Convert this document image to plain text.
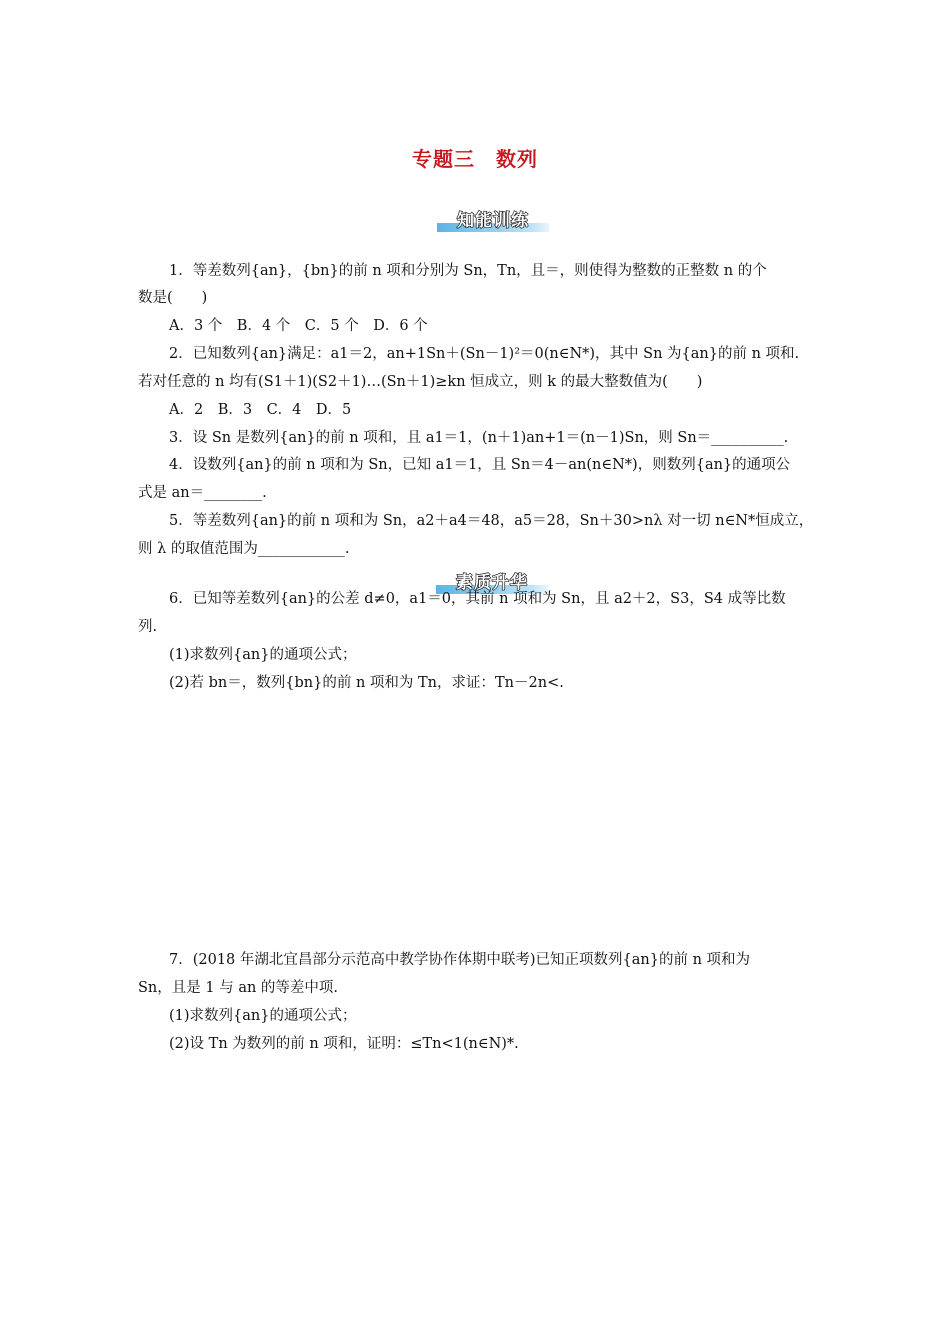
专题三　数列
知能训练
素质升华
1．等差数列{an}，{bn}的前 n 项和分别为 Sn，Tn，且＝，则使得为整数的正整数 n 的个
数是(　　)
A．3 个　B．4 个　C．5 个　D．6 个
2．已知数列{an}满足：a1＝2，an+1Sn＋(Sn－1)²＝0(n∈N*)，其中 Sn 为{an}的前 n 项和.
若对任意的 n 均有(S1＋1)(S2＋1)…(Sn＋1)≥kn 恒成立，则 k 的最大整数值为(　　)
A．2　B．3　C．4　D．5
3．设 Sn 是数列{an}的前 n 项和，且 a1＝1，(n＋1)an+1＝(n－1)Sn，则 Sn＝__________.
4．设数列{an}的前 n 项和为 Sn，已知 a1＝1，且 Sn＝4－an(n∈N*)，则数列{an}的通项公
式是 an＝________.
5．等差数列{an}的前 n 项和为 Sn，a2＋a4＝48，a5＝28，Sn＋30>nλ 对一切 n∈N*恒成立，
则 λ 的取值范围为____________.
6．已知等差数列{an}的公差 d≠0，a1＝0，其前 n 项和为 Sn，且 a2＋2，S3，S4 成等比数
列.
(1)求数列{an}的通项公式；
(2)若 bn＝，数列{bn}的前 n 项和为 Tn，求证：Tn－2n<.
7．(2018 年湖北宜昌部分示范高中教学协作体期中联考)已知正项数列{an}的前 n 项和为
Sn，且是 1 与 an 的等差中项.
(1)求数列{an}的通项公式；
(2)设 Tn 为数列的前 n 项和，证明：≤Tn<1(n∈N)*.
